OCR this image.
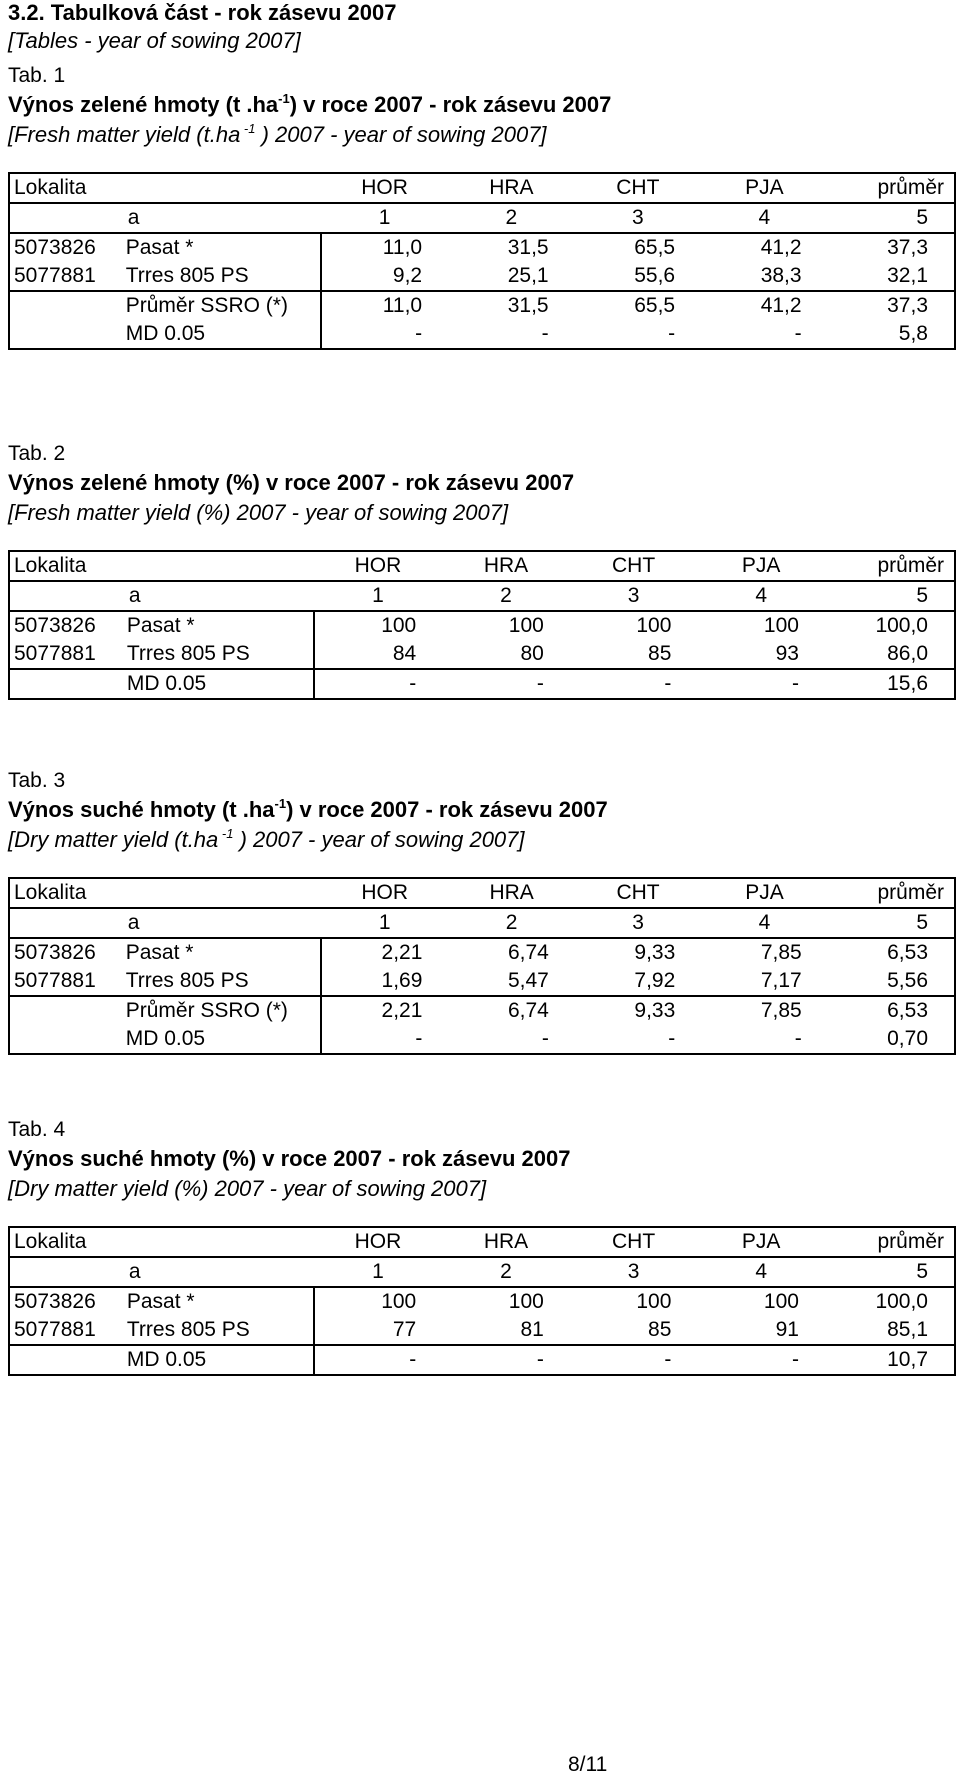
3.2. Tabulková část - rok zásevu 2007
[Tables - year of sowing 2007]
Tab. 1
Výnos zelené hmoty (t $.ha^{-1}$) v roce 2007 - rok zásevu 2007
[Fresh matter yield (t.ha $^{-1}$ ) 2007 - year of sowing 2007]
Lokalita		HOR	HRA	CHT	PJA	průměr
	a	1	2	3	4	5
5073826	Pasat *	11,0	31,5	65,5	41,2	37,3
5077881	Trres 805 PS	9,2	25,1	55,6	38,3	32,1
	Průměr SSRO (*)	11,0	31,5	65,5	41,2	37,3
	MD 0.05	-	-	-	-	5,8
Tab. 2
Výnos zelené hmoty (%) v roce 2007 - rok zásevu 2007
[Fresh matter yield (%) 2007 - year of sowing 2007]
Lokalita		HOR	HRA	CHT	PJA	průměr
	a	1	2	3	4	5
5073826	Pasat *	100	100	100	100	100,0
5077881	Trres 805 PS	84	80	85	93	86,0
	MD 0.05	-	-	-	-	15,6
Tab. 3
Výnos suché hmoty (t $.ha^{-1}$) v roce 2007 - rok zásevu 2007
[Dry matter yield (t.ha $^{-1}$ ) 2007 - year of sowing 2007]
Lokalita		HOR	HRA	CHT	PJA	průměr
	a	1	2	3	4	5
5073826	Pasat *	2,21	6,74	9,33	7,85	6,53
5077881	Trres 805 PS	1,69	5,47	7,92	7,17	5,56
	Průměr SSRO (*)	2,21	6,74	9,33	7,85	6,53
	MD 0.05	-	-	-	-	0,70
Tab. 4
Výnos suché hmoty (%) v roce 2007 - rok zásevu 2007
[Dry matter yield (%) 2007 - year of sowing 2007]
Lokalita		HOR	HRA	CHT	PJA	průměr
	a	1	2	3	4	5
5073826	Pasat *	100	100	100	100	100,0
5077881	Trres 805 PS	77	81	85	91	85,1
	MD 0.05	-	-	-	-	10,7
8/11
